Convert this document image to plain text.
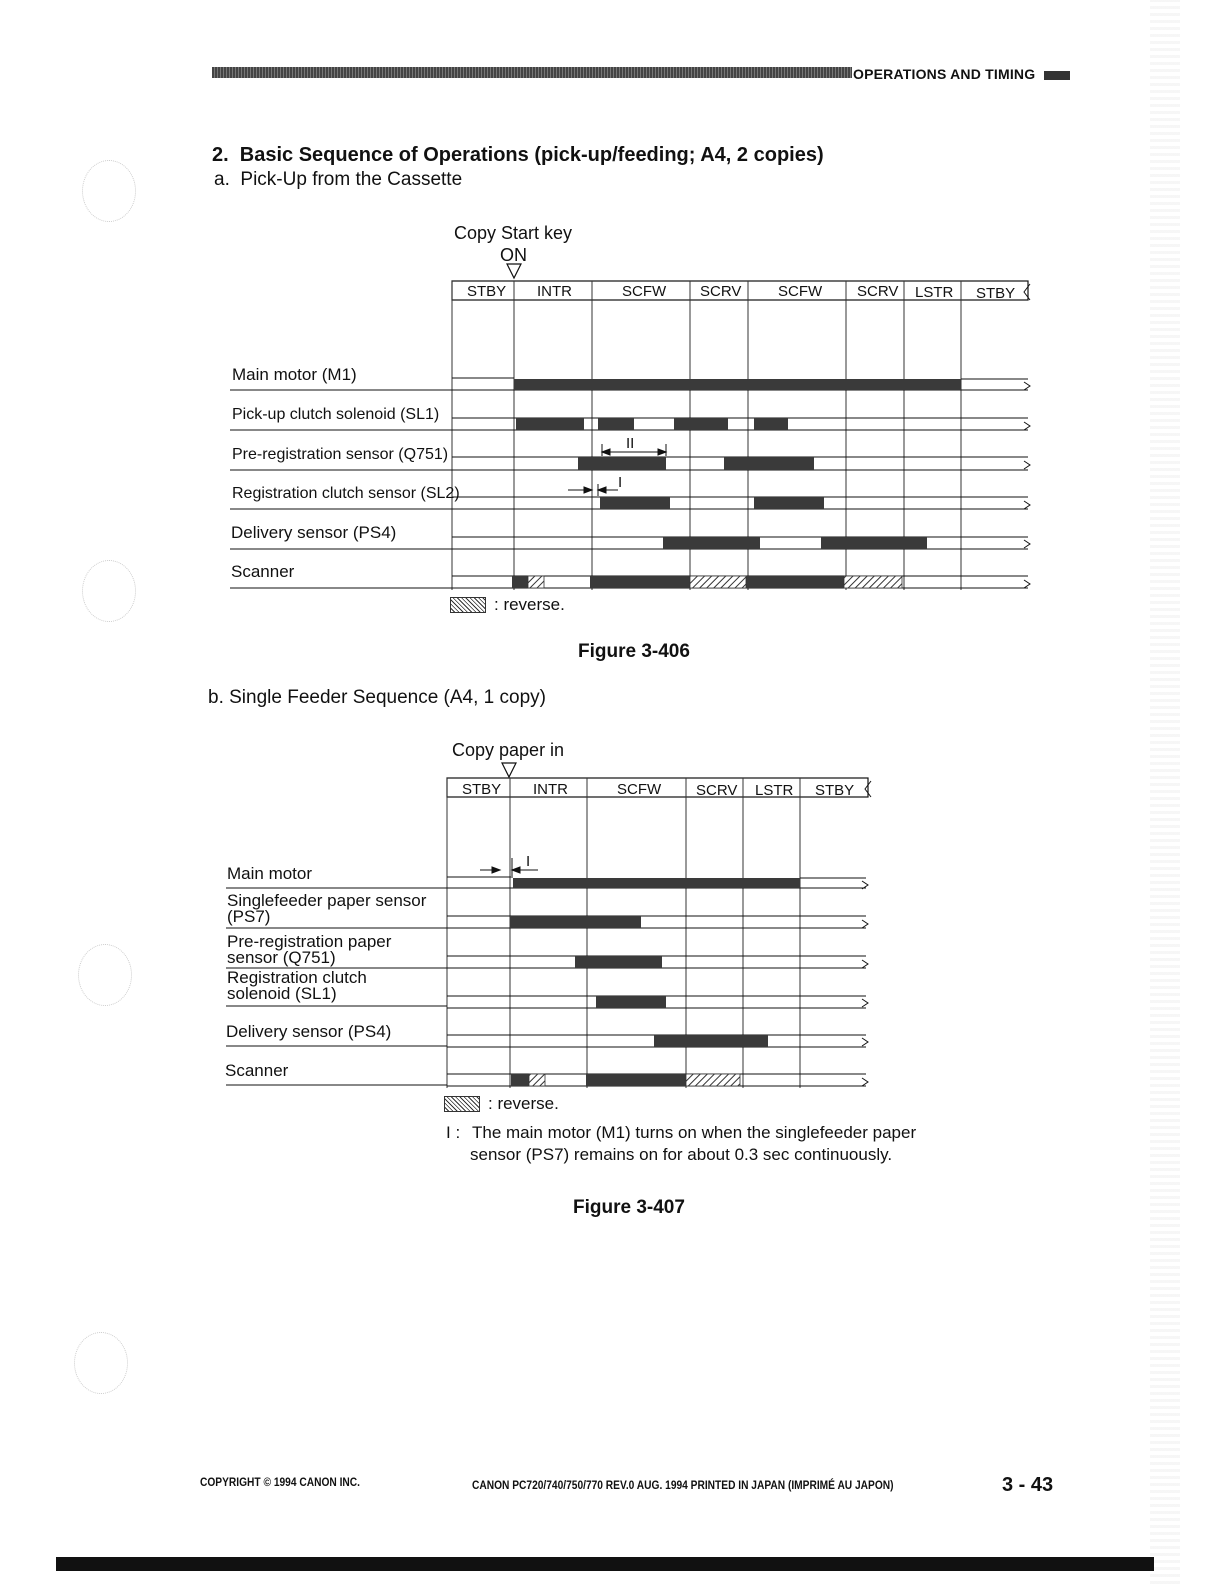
OPERATIONS AND TIMING
2.  Basic Sequence of Operations (pick-up/feeding; A4, 2 copies)
a.  Pick-Up from the Cassette
Copy Start key
ON
STBY INTR	SCFW SCRV SCFW SCRV LSTR STBY
Main motor (M1)
Pick-up clutch solenoid (SL1)
Pre-registration sensor (Q751)
Registration clutch sensor (SL2)
Delivery sensor (PS4)
Scanner
II
I
: reverse.
Figure 3-406
b. Single Feeder Sequence (A4, 1 copy)
Copy paper in
STBY INTR	SCFW SCRV LSTR STBY
Main motor
Singlefeeder paper sensor
(PS7)
Pre-registration paper
sensor (Q751)
Registration clutch
solenoid (SL1)
Delivery sensor (PS4)
Scanner
I
: reverse.
I : The main motor (M1) turns on when the singlefeeder paper
sensor (PS7) remains on for about 0.3 sec continuously.
Figure 3-407
COPYRIGHT © 1994 CANON INC.	CANON PC720/740/750/770 REV.0 AUG. 1994 PRINTED IN JAPAN (IMPRIMÉ AU JAPON)	3 - 43
